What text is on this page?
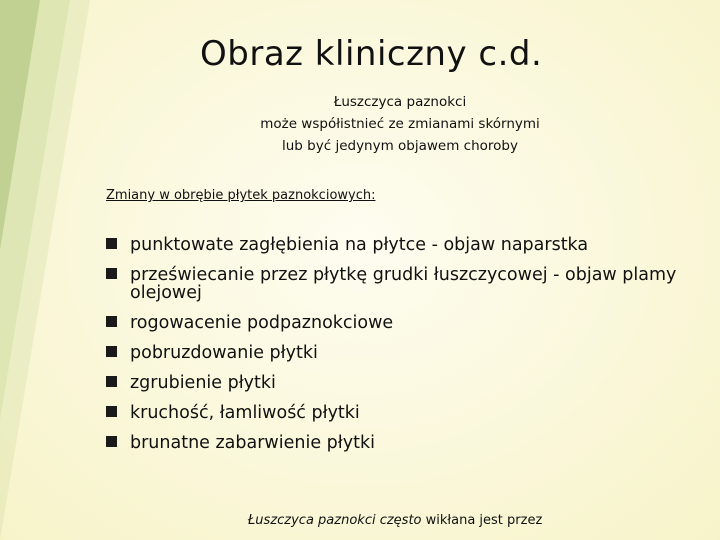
Obraz kliniczny c.d.
Łuszczyca paznokci
może współistnieć ze zmianami skórnymi
lub być jedynym objawem choroby
Zmiany w obrębie płytek paznokciowych:
punktowate zagłębienia na płytce - objaw naparstka
przeświecanie przez płytkę grudki łuszczycowej - objaw plamy olejowej
rogowacenie podpaznokciowe
pobruzdowanie płytki
zgrubienie płytki
kruchość, łamliwość płytki
brunatne zabarwienie płytki
Łuszczyca paznokci często wikłana jest przez
